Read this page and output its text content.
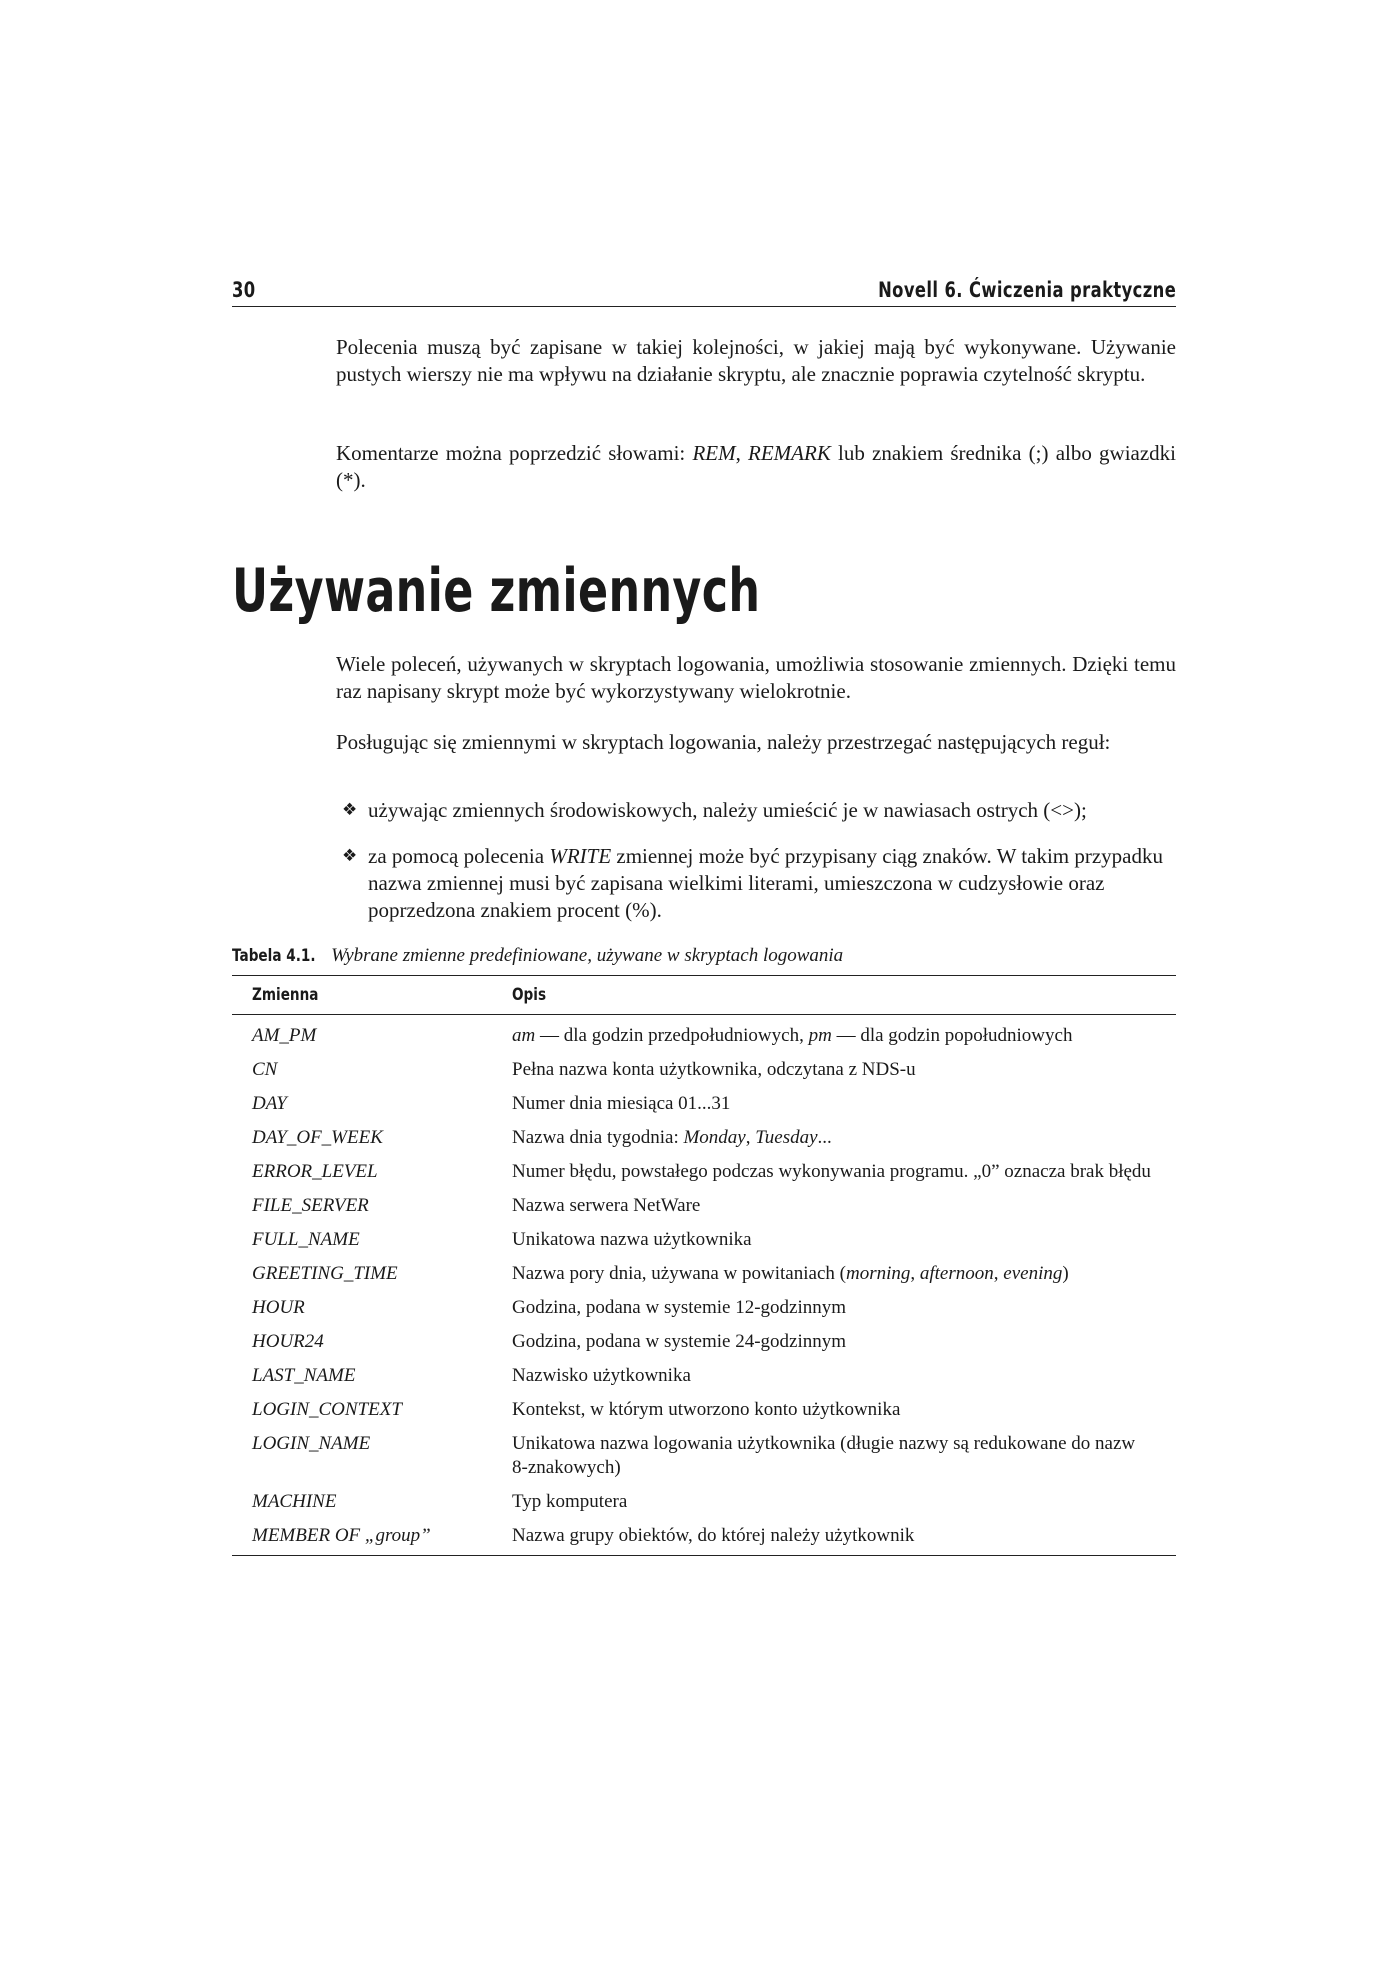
30	Novell 6. Ćwiczenia praktyczne

Polecenia muszą być zapisane w takiej kolejności, w jakiej mają być wykonywane. Używanie pustych wierszy nie ma wpływu na działanie skryptu, ale znacznie poprawia czytelność skryptu.

Komentarze można poprzedzić słowami: REM, REMARK lub znakiem średnika (;) albo gwiazdki (*).

Używanie zmiennych

Wiele poleceń, używanych w skryptach logowania, umożliwia stosowanie zmiennych. Dzięki temu raz napisany skrypt może być wykorzystywany wielokrotnie.

Posługując się zmiennymi w skryptach logowania, należy przestrzegać następujących reguł:

❖ używając zmiennych środowiskowych, należy umieścić je w nawiasach ostrych (<>);
❖ za pomocą polecenia WRITE zmiennej może być przypisany ciąg znaków. W takim przypadku nazwa zmiennej musi być zapisana wielkimi literami, umieszczona w cudzysłowie oraz poprzedzona znakiem procent (%).
Tabela 4.1. Wybrane zmienne predefiniowane, używane w skryptach logowania
Zmienna	Opis
AM_PM	am — dla godzin przedpołudniowych, pm — dla godzin popołudniowych
CN	Pełna nazwa konta użytkownika, odczytana z NDS-u
DAY	Numer dnia miesiąca 01...31
DAY_OF_WEEK	Nazwa dnia tygodnia: Monday, Tuesday...
ERROR_LEVEL	Numer błędu, powstałego podczas wykonywania programu. „0” oznacza brak błędu
FILE_SERVER	Nazwa serwera NetWare
FULL_NAME	Unikatowa nazwa użytkownika
GREETING_TIME	Nazwa pory dnia, używana w powitaniach (morning, afternoon, evening)
HOUR	Godzina, podana w systemie 12-godzinnym
HOUR24	Godzina, podana w systemie 24-godzinnym
LAST_NAME	Nazwisko użytkownika
LOGIN_CONTEXT	Kontekst, w którym utworzono konto użytkownika
LOGIN_NAME	Unikatowa nazwa logowania użytkownika (długie nazwy są redukowane do nazw 8-znakowych)
MACHINE	Typ komputera
MEMBER OF „group”	Nazwa grupy obiektów, do której należy użytkownik
